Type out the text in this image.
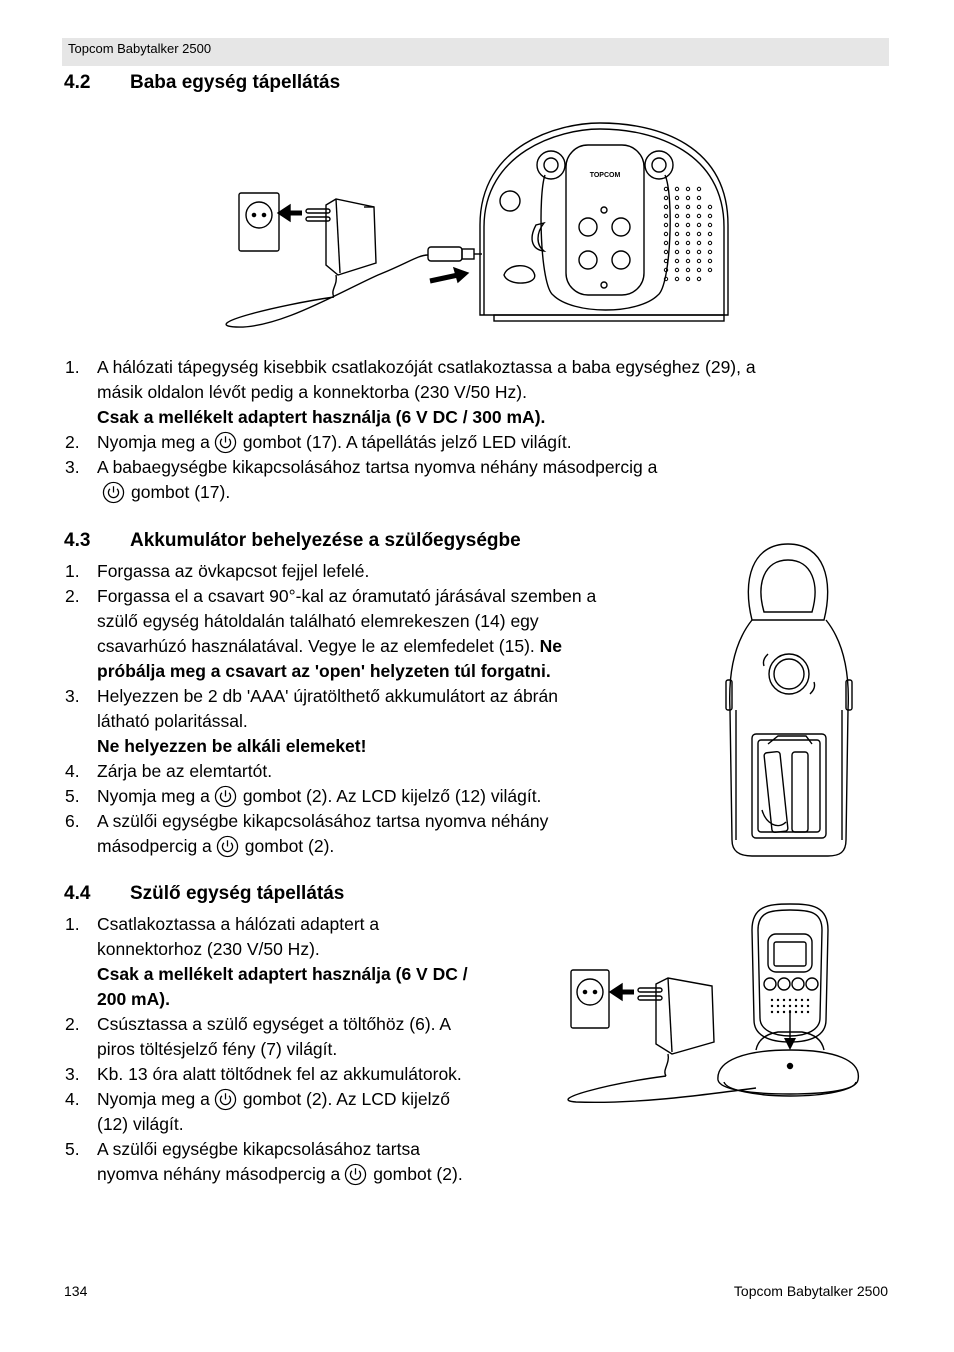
Topcom Babytalker 2500
4.2 Baba egység tápellátás
TOPCOM
1. A hálózati tápegység kisebbik csatlakozóját csatlakoztassa a baba egységhez (29), a
másik oldalon lévőt pedig a konnektorba (230 V/50 Hz).
Csak a mellékelt adaptert használja (6 V DC / 300 mA).
2. Nyomja meg a gombot (17). A tápellátás jelző LED világít.
3. A babaegységbe kikapcsolásához tartsa nyomva néhány másodpercig a
gombot (17).
4.3 Akkumulátor behelyezése a szülőegységbe
1. Forgassa az övkapcsot fejjel lefelé.
2. Forgassa el a csavart 90°-kal az óramutató járásával szemben a
szülő egység hátoldalán található elemrekeszen (14) egy
csavarhúzó használatával. Vegye le az elemfedelet (15). Ne
próbálja meg a csavart az 'open' helyzeten túl forgatni.
3. Helyezzen be 2 db 'AAA' újratölthető akkumulátort az ábrán
látható polaritással.
Ne helyezzen be alkáli elemeket!
4. Zárja be az elemtartót.
5. Nyomja meg a gombot (2). Az LCD kijelző (12) világít.
6. A szülői egységbe kikapcsolásához tartsa nyomva néhány
másodpercig a gombot (2).
4.4 Szülő egység tápellátás
1. Csatlakoztassa a hálózati adaptert a
konnektorhoz (230 V/50 Hz).
Csak a mellékelt adaptert használja (6 V DC /
200 mA).
2. Csúsztassa a szülő egységet a töltőhöz (6). A
piros töltésjelző fény (7) világít.
3. Kb. 13 óra alatt töltődnek fel az akkumulátorok.
4. Nyomja meg a gombot (2). Az LCD kijelző
(12) világít.
5. A szülői egységbe kikapcsolásához tartsa
nyomva néhány másodpercig a gombot (2).
134	Topcom Babytalker 2500
